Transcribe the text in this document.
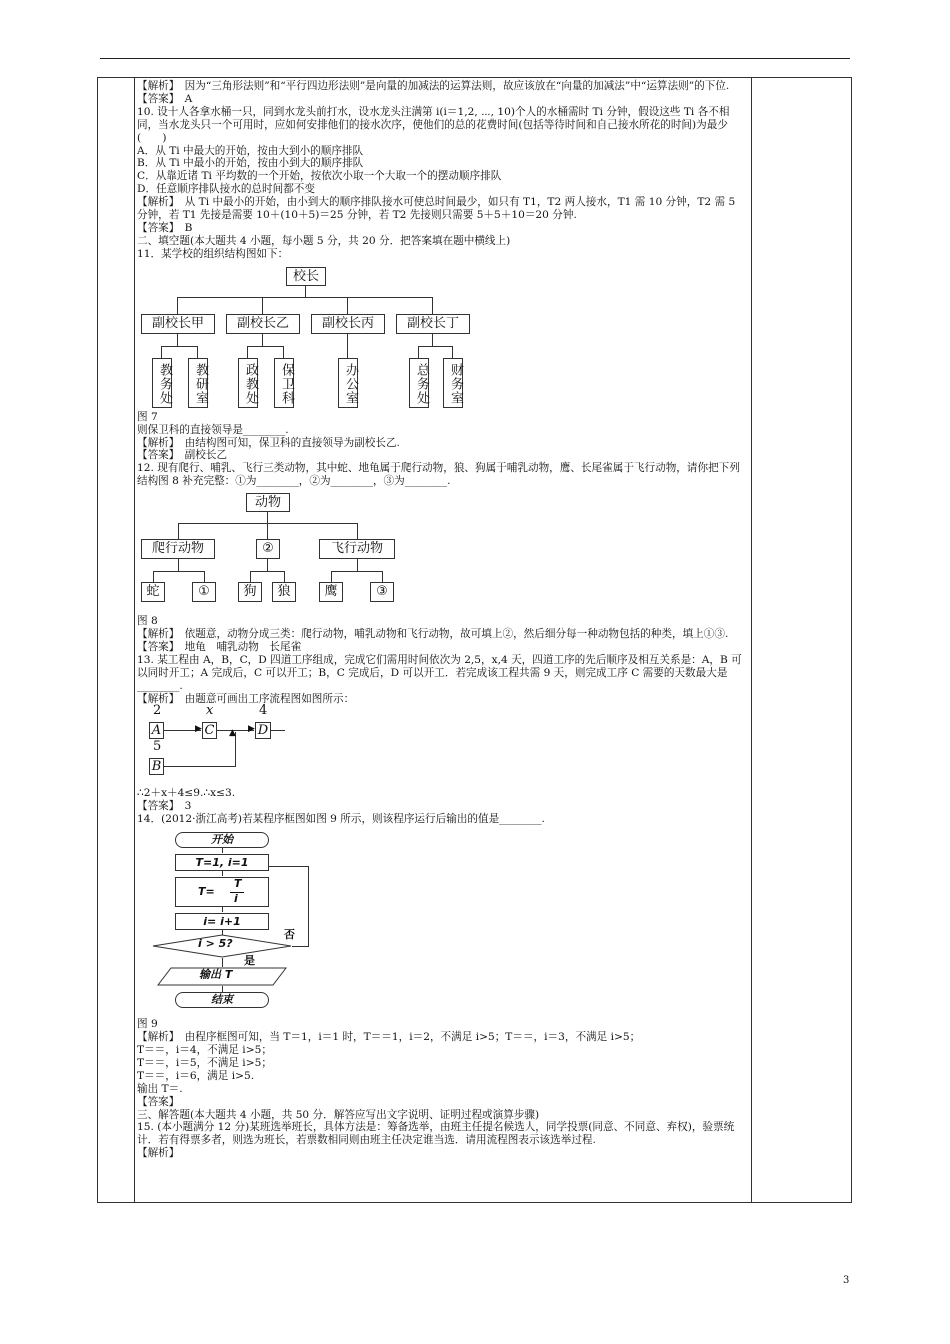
【解析】　因为“三角形法则”和“平行四边形法则”是向量的加减法的运算法则，故应该放在“向量的加减法”中“运算法则”的下位.

【答案】　A

10. 设十人各拿水桶一只，同到水龙头前打水，设水龙头注满第 i(i＝1,2, ⋯, 10)个人的水桶需时 Ti 分钟，假设这些 Ti 各不相同，当水龙头只一个可用时，应如何安排他们的接水次序，使他们的总的花费时间(包括等待时间和自己接水所花的时间)为最少(　　)

A．从 Ti 中最大的开始，按由大到小的顺序排队

B．从 Ti 中最小的开始，按由小到大的顺序排队

C．从靠近诸 Ti 平均数的一个开始，按依次小取一个大取一个的摆动顺序排队

D．任意顺序排队接水的总时间都不变

【解析】　从 Ti 中最小的开始，由小到大的顺序排队接水可使总时间最少，如只有 T1，T2 两人接水，T1 需 10 分钟，T2 需 5 分钟，若 T1 先接是需要 10＋(10＋5)＝25 分钟，若 T2 先接则只需要 5＋5＋10＝20 分钟.

【答案】　B

二、填空题(本大题共 4 小题，每小题 5 分，共 20 分．把答案填在题中横线上)

11．某学校的组织结构图如下：

校长
副校长甲	副校长乙	副校长丙	副校长丁
教务处	教研室	政教处	保卫科	办公室	总务处	财务室

图 7

则保卫科的直接领导是________.

【解析】　由结构图可知，保卫科的直接领导为副校长乙.

【答案】　副校长乙

12. 现有爬行、哺乳、飞行三类动物，其中蛇、地龟属于爬行动物，狼、狗属于哺乳动物，鹰、长尾雀属于飞行动物，请你把下列结构图 8 补充完整：①为________，②为________，③为________.

动物
爬行动物	②	飞行动物
蛇	①	狗	狼	鹰	③

图 8

【解析】　依题意，动物分成三类：爬行动物，哺乳动物和飞行动物，故可填上②，然后细分每一种动物包括的种类，填上①③.

【答案】　地龟　哺乳动物　长尾雀

13. 某工程由 A，B，C，D 四道工序组成，完成它们需用时间依次为 2,5，x,4 天，四道工序的先后顺序及相互关系是：A，B 可以同时开工；A 完成后，C 可以开工；B，C 完成后，D 可以开工．若完成该工程共需 9 天，则完成工序 C 需要的天数最大是________.

【解析】　由题意可画出工序流程图如图所示：

2	x	4
A	▶ C	▶ D
5
B
▲

∴2＋x＋4≤9.∴x≤3.

【答案】　3

14．(2012·浙江高考)若某程序框图如图 9 所示，则该程序运行后输出的值是________.

开始
T=1, i=1
T=
T
i
i= i+1
i > 5?
否
是
输出 T
结束

图 9

【解析】　由程序框图可知，当 T＝1，i＝1 时，T＝＝1，i＝2，不满足 i>5；T＝＝，i＝3，不满足 i>5；

T＝＝，i＝4，不满足 i>5；

T＝＝，i＝5，不满足 i>5；

T＝＝，i＝6，满足 i>5.

输出 T＝.

【答案】

三、解答题(本大题共 4 小题，共 50 分．解答应写出文字说明、证明过程或演算步骤)

15. (本小题满分 12 分)某班选举班长，具体方法是：筹备选举，由班主任提名候选人，同学投票(同意、不同意、弃权)，验票统计．若有得票多者，则选为班长，若票数相同则由班主任决定谁当选．请用流程图表示该选举过程.

【解析】

3
